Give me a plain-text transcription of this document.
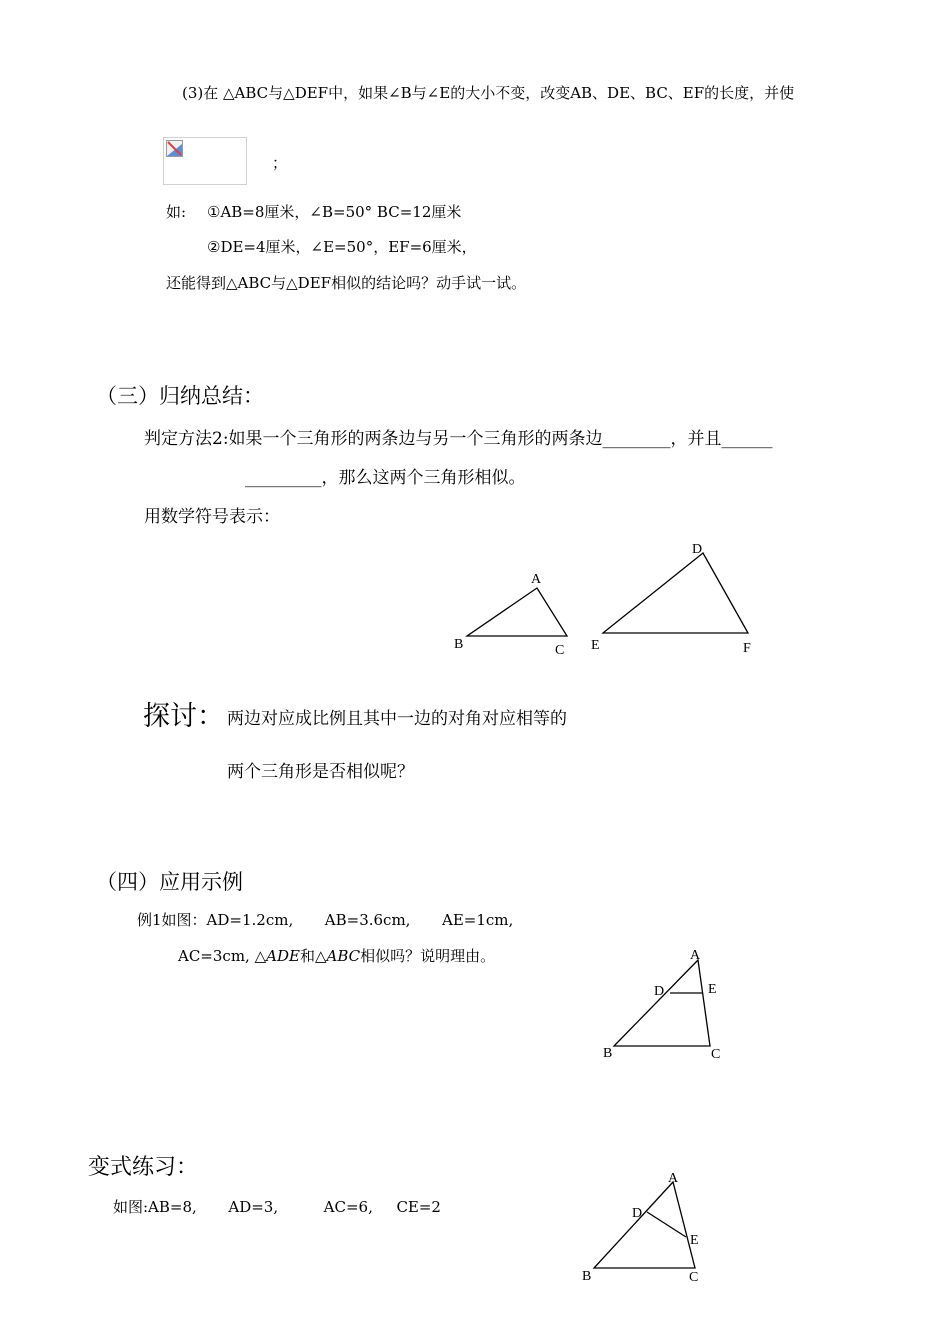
(3)在 △ABC与△DEF中，如果∠B与∠E的大小不变，改变AB、DE、BC、EF的长度，并使
；
如: ①AB=8厘米，∠B=50° BC=12厘米
②DE=4厘米，∠E=50°，EF=6厘米，
还能得到△ABC与△DEF相似的结论吗？动手试一试。
（三）归纳总结：
判定方法2:如果一个三角形的两条边与另一个三角形的两条边________，并且______
_________，那么这两个三角形相似。
用数学符号表示：
A
B	C
D
E	F
探讨： 两边对应成比例且其中一边的对角对应相等的
两个三角形是否相似呢？
（四）应用示例
例1如图：AD=1.2cm, AB=3.6cm, AE=1cm,
AC=3cm, △ADE和△ABC相似吗？说明理由。	A
D	E
B	C
变式练习：
如图:AB=8, AD=3,	AC=6, CE=2
A
D
E
B	C
